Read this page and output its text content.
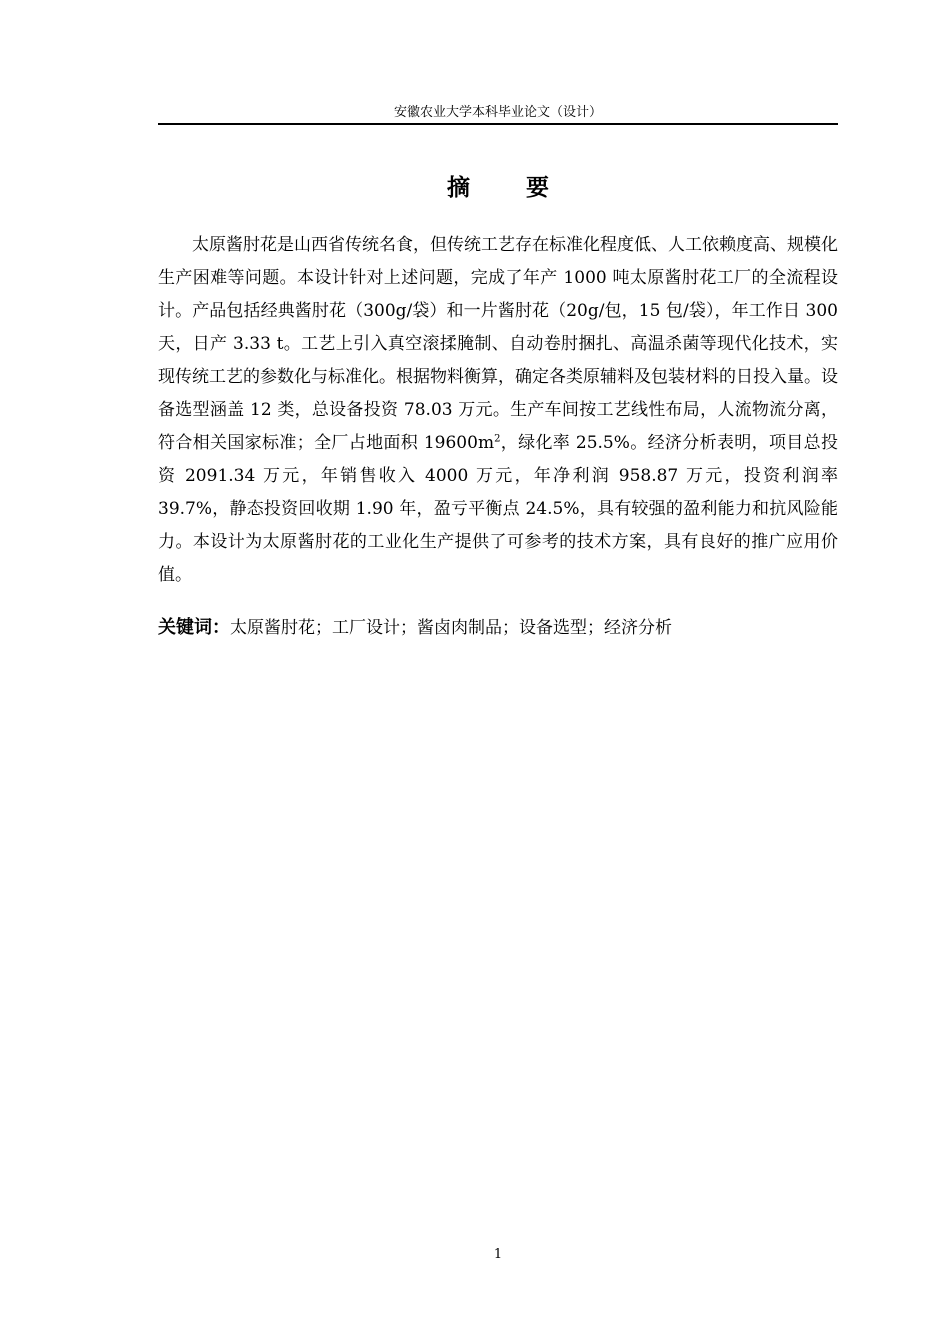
安徽农业大学本科毕业论文（设计）
摘 要
太原酱肘花是山西省传统名食，但传统工艺存在标准化程度低、人工依赖度高、规模化生产困难等问题。本设计针对上述问题，完成了年产 1000 吨太原酱肘花工厂的全流程设计。产品包括经典酱肘花（300g/袋）和一片酱肘花（20g/包，15 包/袋），年工作日 300 天，日产 3.33 t。工艺上引入真空滚揉腌制、自动卷肘捆扎、高温杀菌等现代化技术，实现传统工艺的参数化与标准化。根据物料衡算，确定各类原辅料及包装材料的日投入量。设备选型涵盖 12 类，总设备投资 78.03 万元。生产车间按工艺线性布局，人流物流分离，符合相关国家标准；全厂占地面积 $19600m^2$，绿化率 25.5%。经济分析表明，项目总投资 2091.34 万元，年销售收入 4000 万元，年净利润 958.87 万元，投资利润率 39.7%，静态投资回收期 1.90 年，盈亏平衡点 24.5%，具有较强的盈利能力和抗风险能力。本设计为太原酱肘花的工业化生产提供了可参考的技术方案，具有良好的推广应用价值。
关键词：太原酱肘花；工厂设计；酱卤肉制品；设备选型；经济分析
1
